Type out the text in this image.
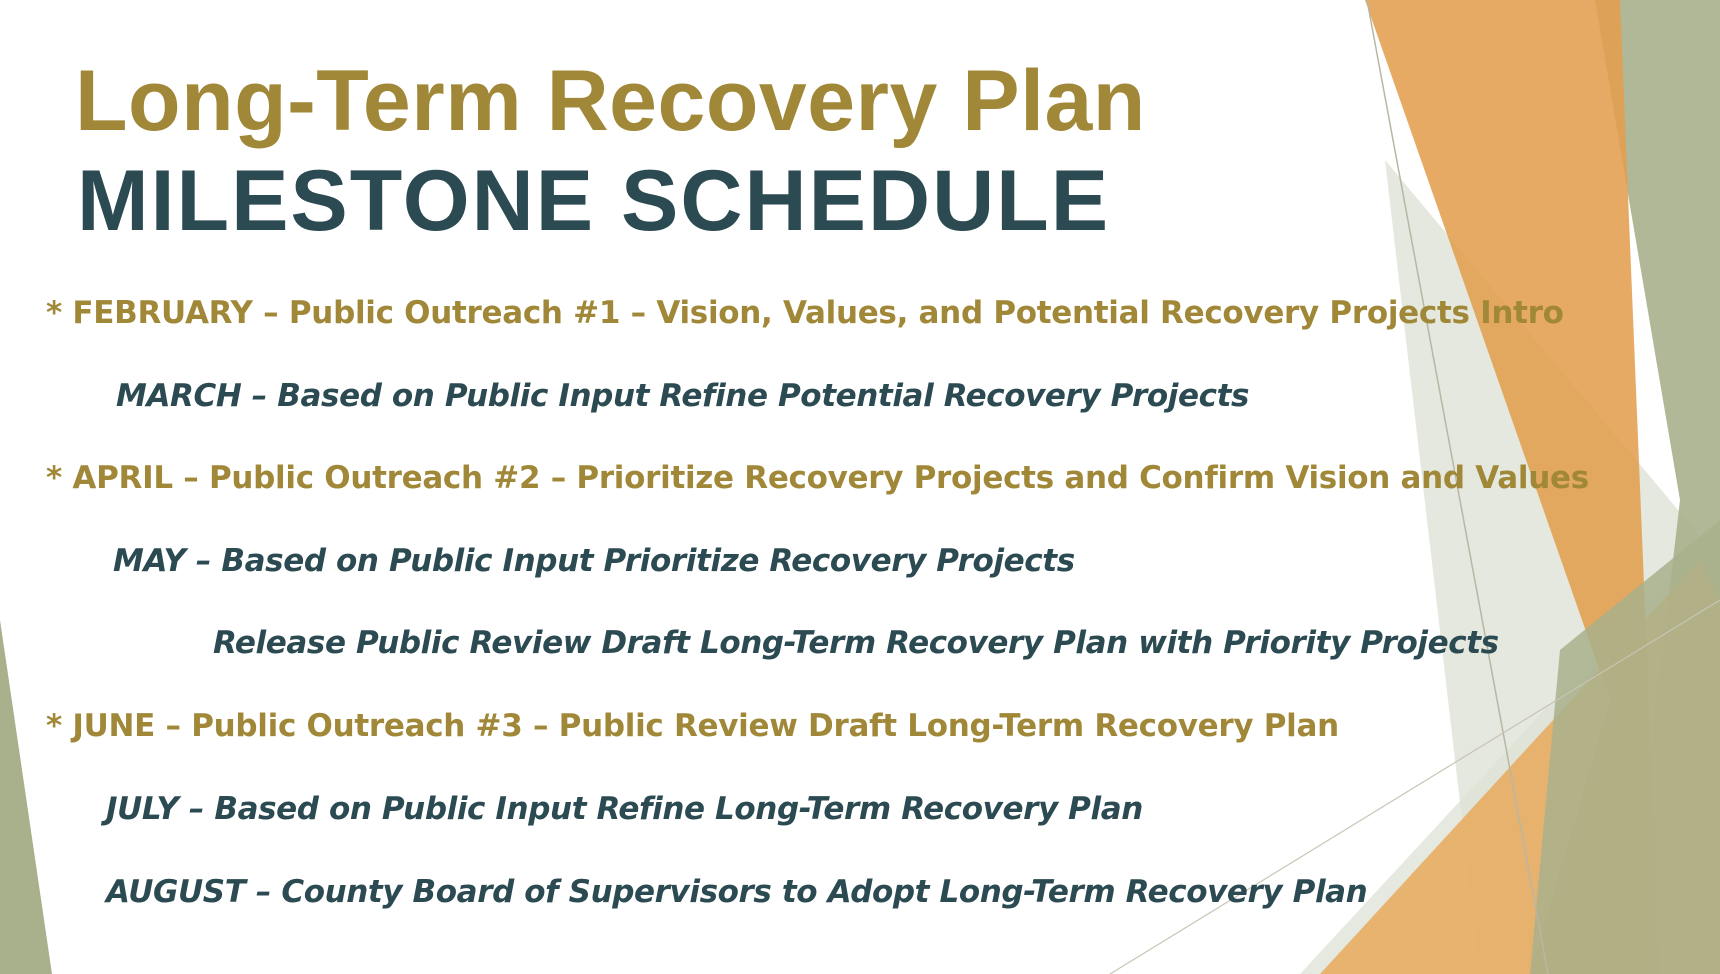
Long-Term Recovery Plan
MILESTONE SCHEDULE

* FEBRUARY – Public Outreach #1 – Vision, Values, and Potential Recovery Projects Intro

MARCH – Based on Public Input Refine Potential Recovery Projects

* APRIL – Public Outreach #2 – Prioritize Recovery Projects and Confirm Vision and Values

MAY – Based on Public Input Prioritize Recovery Projects

Release Public Review Draft Long-Term Recovery Plan with Priority Projects

* JUNE – Public Outreach #3 – Public Review Draft Long-Term Recovery Plan

JULY – Based on Public Input Refine Long-Term Recovery Plan

AUGUST – County Board of Supervisors to Adopt Long-Term Recovery Plan
